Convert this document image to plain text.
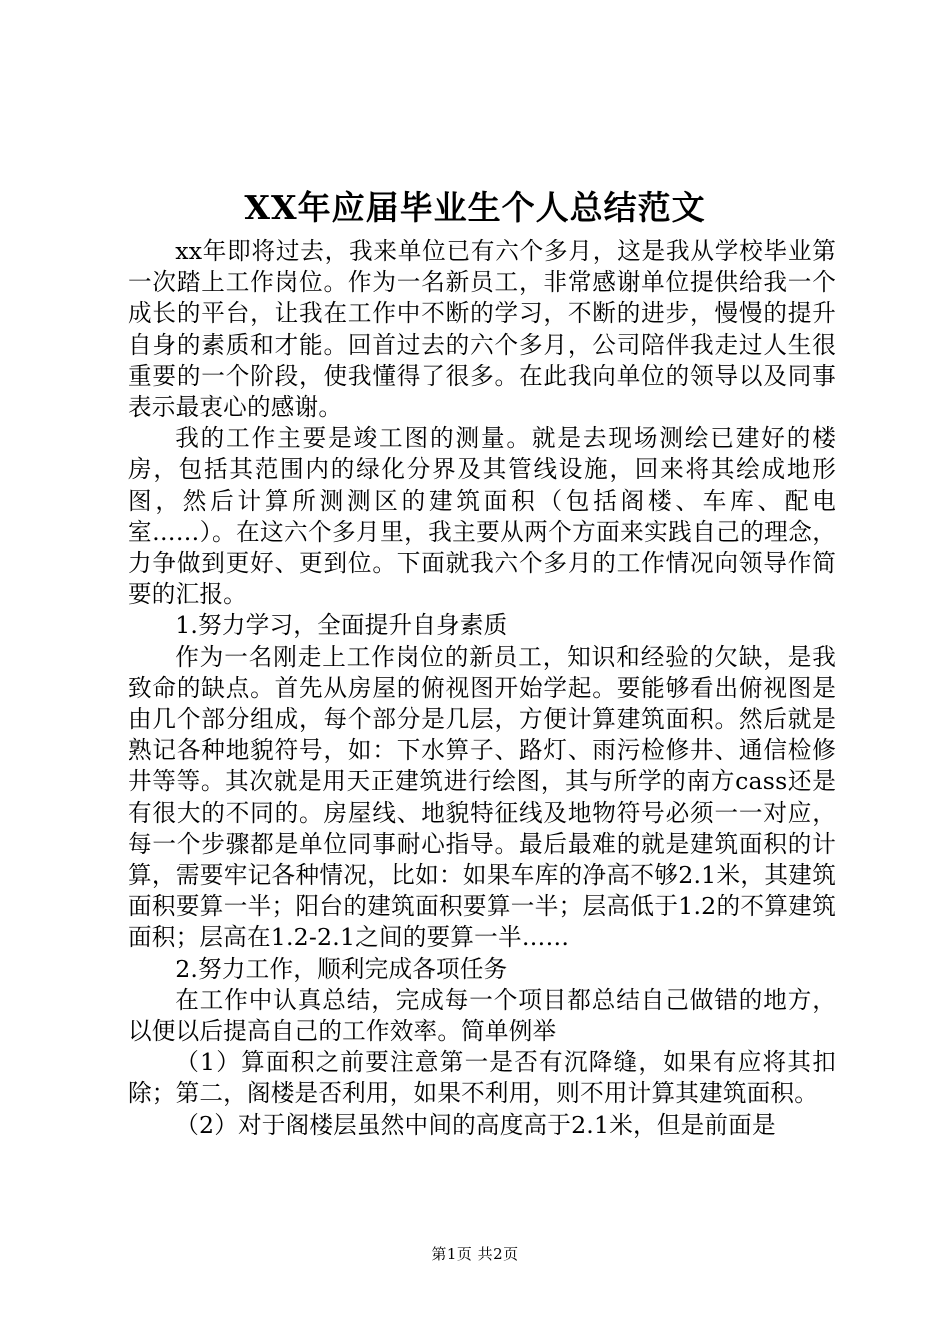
XX年应届毕业生个人总结范文

xx年即将过去，我来单位已有六个多月，这是我从学校毕业第一次踏上工作岗位。作为一名新员工，非常感谢单位提供给我一个成长的平台，让我在工作中不断的学习，不断的进步，慢慢的提升自身的素质和才能。回首过去的六个多月，公司陪伴我走过人生很重要的一个阶段，使我懂得了很多。在此我向单位的领导以及同事表示最衷心的感谢。

我的工作主要是竣工图的测量。就是去现场测绘已建好的楼房，包括其范围内的绿化分界及其管线设施，回来将其绘成地形图，然后计算所测测区的建筑面积（包括阁楼、车库、配电室……）。在这六个多月里，我主要从两个方面来实践自己的理念，力争做到更好、更到位。下面就我六个多月的工作情况向领导作简要的汇报。

1.努力学习，全面提升自身素质

作为一名刚走上工作岗位的新员工，知识和经验的欠缺，是我致命的缺点。首先从房屋的俯视图开始学起。要能够看出俯视图是由几个部分组成，每个部分是几层，方便计算建筑面积。然后就是熟记各种地貌符号，如：下水箅子、路灯、雨污检修井、通信检修井等等。其次就是用天正建筑进行绘图，其与所学的南方cass还是有很大的不同的。房屋线、地貌特征线及地物符号必须一一对应，每一个步骤都是单位同事耐心指导。最后最难的就是建筑面积的计算，需要牢记各种情况，比如：如果车库的净高不够2.1米，其建筑面积要算一半；阳台的建筑面积要算一半；层高低于1.2的不算建筑面积；层高在1.2-2.1之间的要算一半……

2.努力工作，顺利完成各项任务

在工作中认真总结，完成每一个项目都总结自己做错的地方，以便以后提高自己的工作效率。简单例举

（1）算面积之前要注意第一是否有沉降缝，如果有应将其扣除；第二，阁楼是否利用，如果不利用，则不用计算其建筑面积。

（2）对于阁楼层虽然中间的高度高于2.1米，但是前面是

第1页 共2页
